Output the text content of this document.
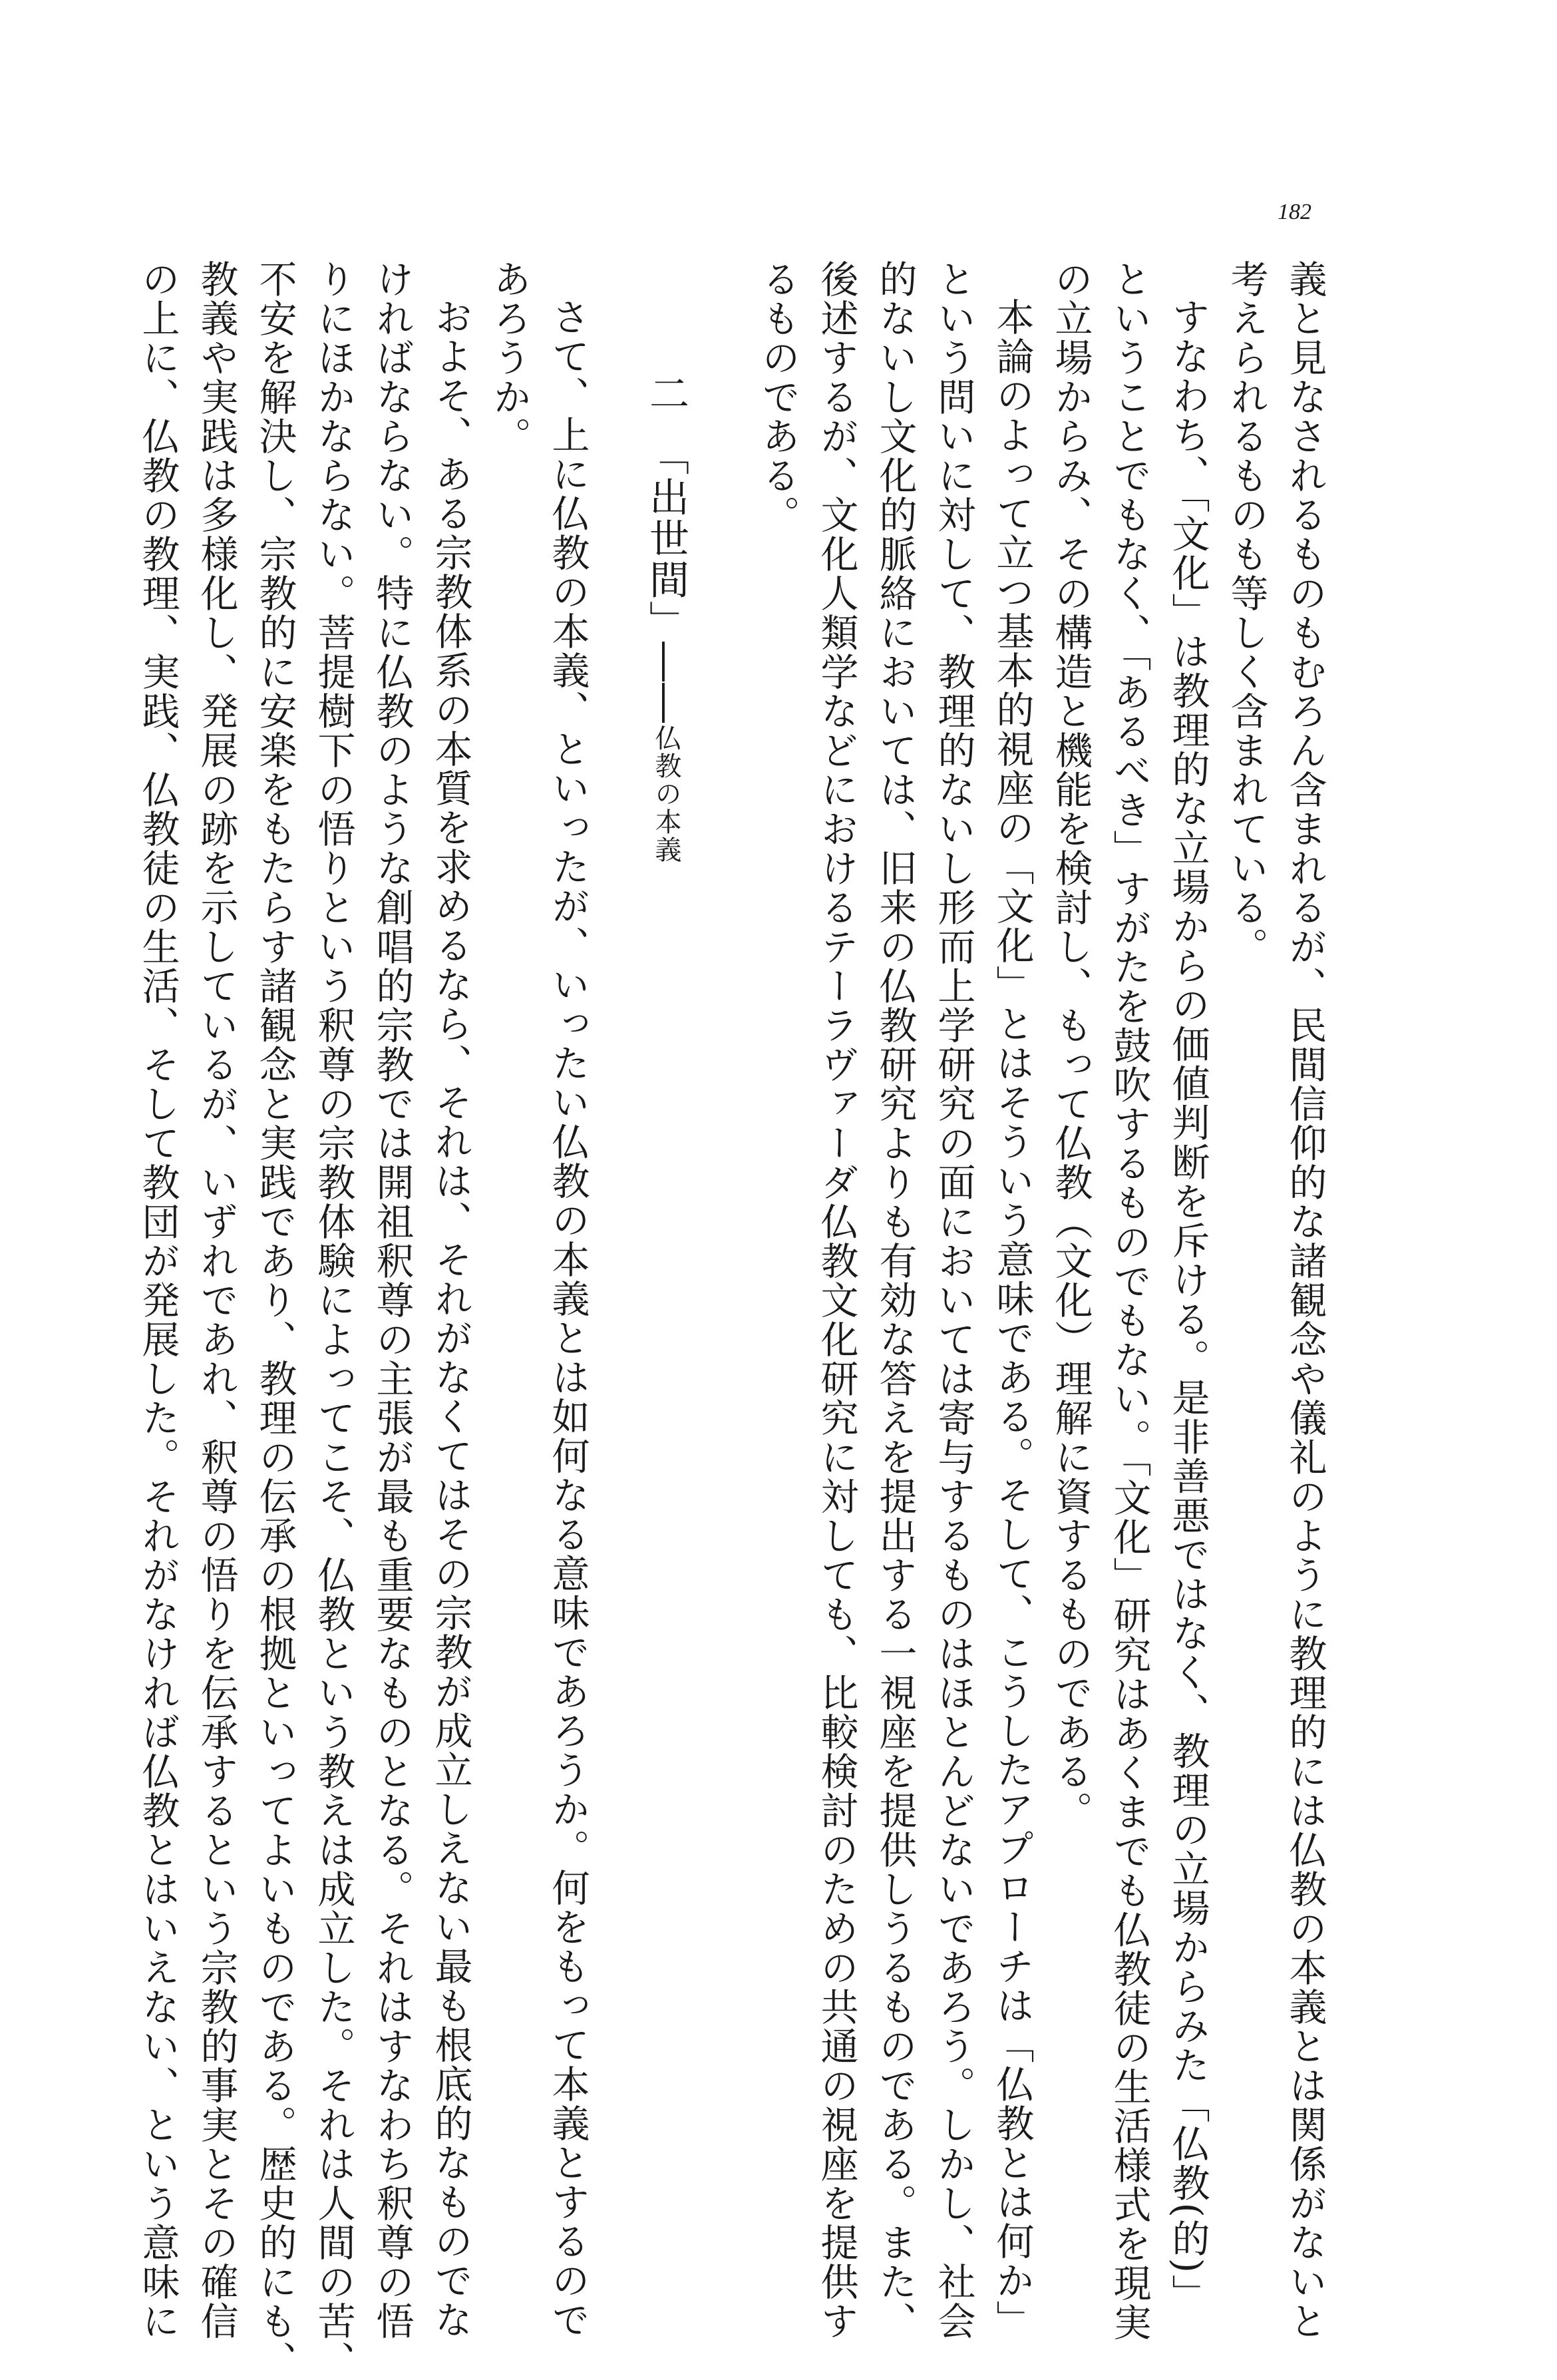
182

義と見なされるものもむろん含まれるが、民間信仰的な諸観念や儀礼のように教理的には仏教の本義とは関係がないと

考えられるものも等しく含まれている。

すなわち、「文化」は教理的な立場からの価値判断を斥ける。是非善悪ではなく、教理の立場からみた「仏教(的)」

ということでもなく、「あるべき」すがたを鼓吹するものでもない。「文化」研究はあくまでも仏教徒の生活様式を現実

の立場からみ、その構造と機能を検討し、もって仏教（文化）理解に資するものである。

本論のよって立つ基本的視座の「文化」とはそういう意味である。そして、こうしたアプローチは「仏教とは何か」

という問いに対して、教理的ないし形而上学研究の面においては寄与するものはほとんどないであろう。しかし、社会

的ないし文化的脈絡においては、旧来の仏教研究よりも有効な答えを提出する一視座を提供しうるものである。また、

後述するが、文化人類学などにおけるテーラヴァーダ仏教文化研究に対しても、比較検討のための共通の視座を提供す

るものである。

二　「出世間」――仏教の本義

さて、上に仏教の本義、といったが、いったい仏教の本義とは如何なる意味であろうか。何をもって本義とするので

あろうか。

およそ、ある宗教体系の本質を求めるなら、それは、それがなくてはその宗教が成立しえない最も根底的なものでな

ければならない。特に仏教のような創唱的宗教では開祖釈尊の主張が最も重要なものとなる。それはすなわち釈尊の悟

りにほかならない。菩提樹下の悟りという釈尊の宗教体験によってこそ、仏教という教えは成立した。それは人間の苦、

不安を解決し、宗教的に安楽をもたらす諸観念と実践であり、教理の伝承の根拠といってよいものである。歴史的にも、

教義や実践は多様化し、発展の跡を示しているが、いずれであれ、釈尊の悟りを伝承するという宗教的事実とその確信

の上に、仏教の教理、実践、仏教徒の生活、そして教団が発展した。それがなければ仏教とはいえない、という意味に
